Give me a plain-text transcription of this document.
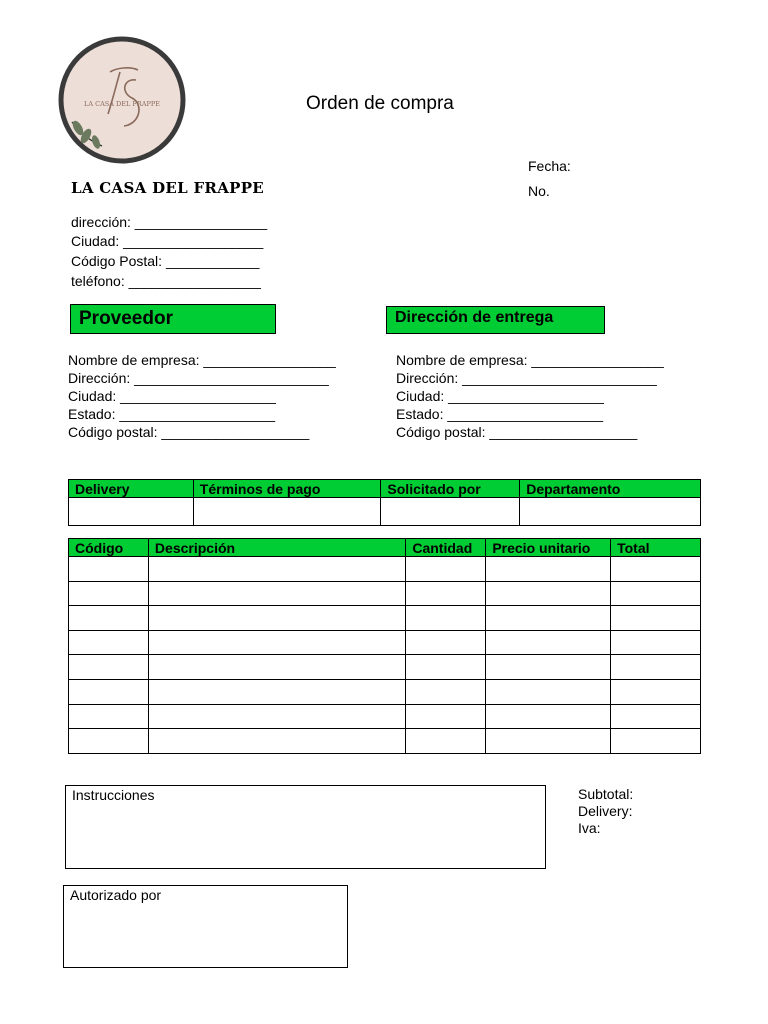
LA CASA DEL FRAPPE	Orden de compra
Fecha:
No.
LA CASA DEL FRAPPE
dirección: _________________
Ciudad: __________________
Código Postal: ____________
teléfono: _________________
Proveedor	Dirección de entrega
Nombre de empresa: _________________
Dirección: _________________________
Ciudad: ____________________
Estado: ____________________
Código postal: ___________________
Nombre de empresa: _________________
Dirección: _________________________
Ciudad: ____________________
Estado: ____________________
Código postal: ___________________
Delivery	Términos de pago	Solicitado por	Departamento

Código	Descripción	Cantidad	Precio unitario	Total

Instrucciones
Autorizado por
Subtotal:
Delivery:
Iva:
